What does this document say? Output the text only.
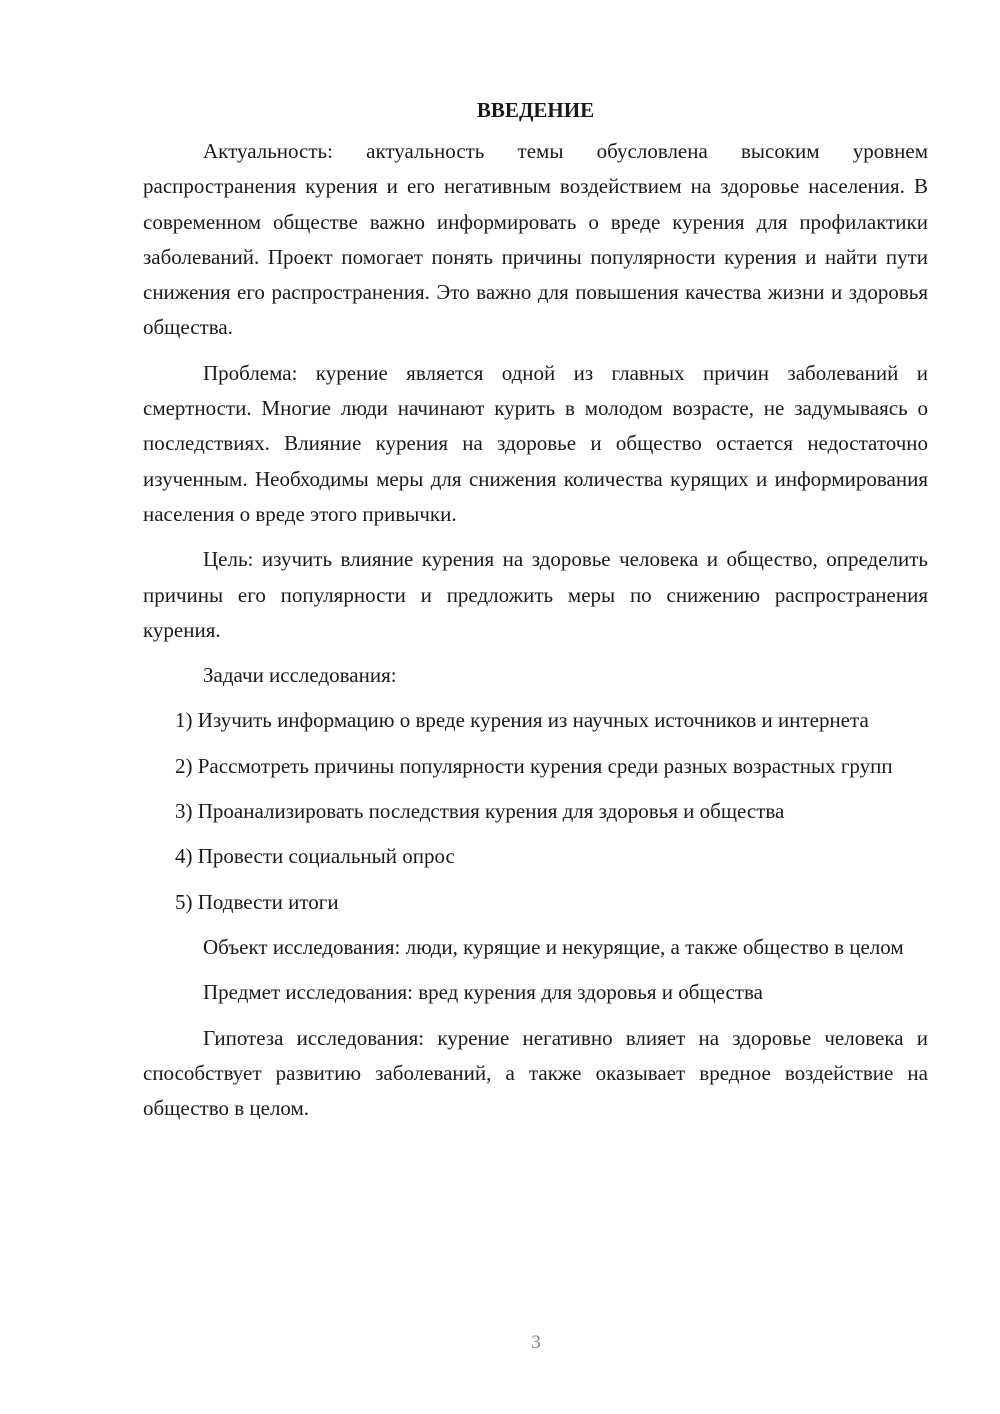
ВВЕДЕНИЕ

Актуальность: актуальность темы обусловлена высоким уровнем распространения курения и его негативным воздействием на здоровье населения. В современном обществе важно информировать о вреде курения для профилактики заболеваний. Проект помогает понять причины популярности курения и найти пути снижения его распространения. Это важно для повышения качества жизни и здоровья общества.

Проблема: курение является одной из главных причин заболеваний и смертности. Многие люди начинают курить в молодом возрасте, не задумываясь о последствиях. Влияние курения на здоровье и общество остается недостаточно изученным. Необходимы меры для снижения количества курящих и информирования населения о вреде этого привычки.

Цель: изучить влияние курения на здоровье человека и общество, определить причины его популярности и предложить меры по снижению распространения курения.

Задачи исследования:

1) Изучить информацию о вреде курения из научных источников и интернета

2) Рассмотреть причины популярности курения среди разных возрастных групп

3) Проанализировать последствия курения для здоровья и общества

4) Провести социальный опрос

5) Подвести итоги

Объект исследования: люди, курящие и некурящие, а также общество в целом

Предмет исследования: вред курения для здоровья и общества

Гипотеза исследования: курение негативно влияет на здоровье человека и способствует развитию заболеваний, а также оказывает вредное воздействие на общество в целом.

3
